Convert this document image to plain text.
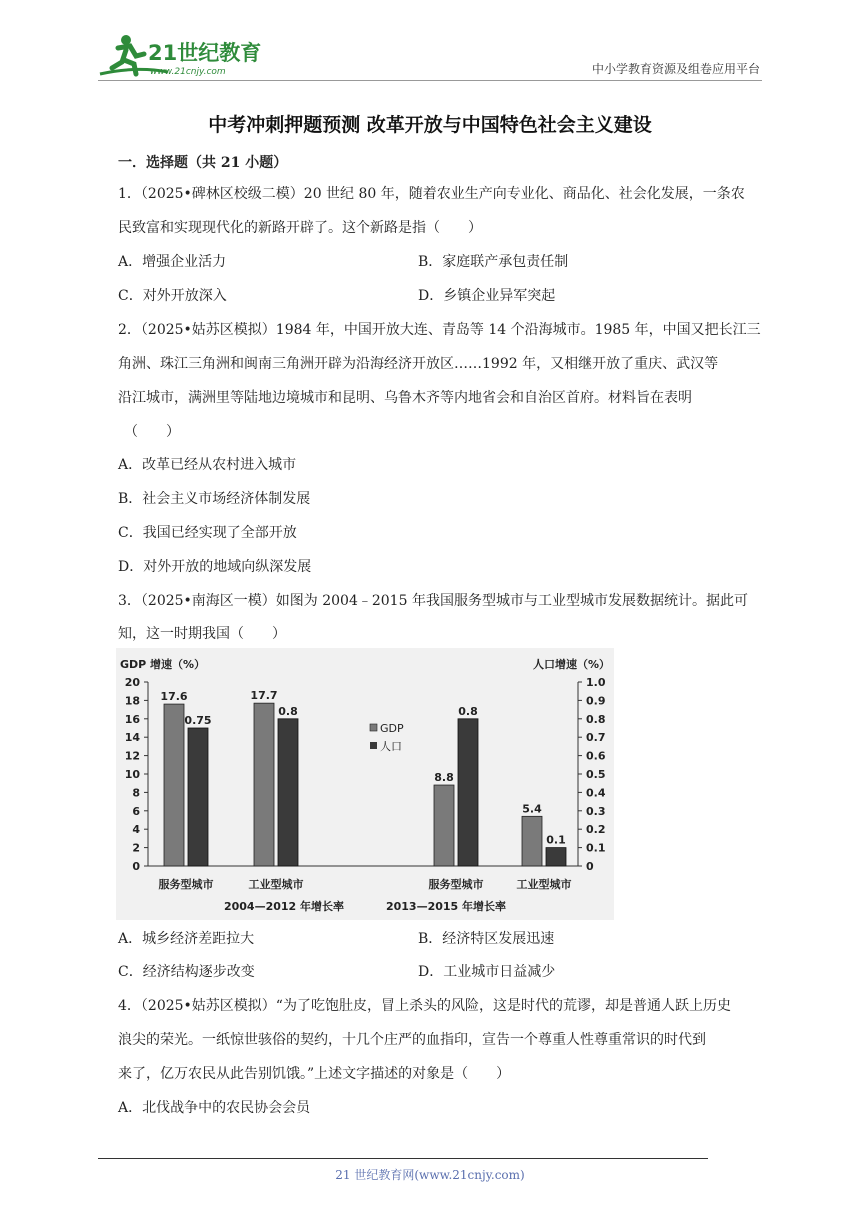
21世纪教育
www.21cnjy.com	中小学教育资源及组卷应用平台
中考冲刺押题预测 改革开放与中国特色社会主义建设
一．选择题（共 21 小题）
1．（2025•碑林区校级二模）20 世纪 80 年，随着农业生产向专业化、商品化、社会化发展，一条农
民致富和实现现代化的新路开辟了。这个新路是指（　　）
A．增强企业活力	B．家庭联产承包责任制
C．对外开放深入	D．乡镇企业异军突起
2．（2025•姑苏区模拟）1984 年，中国开放大连、青岛等 14 个沿海城市。1985 年，中国又把长江三
角洲、珠江三角洲和闽南三角洲开辟为沿海经济开放区……1992 年，又相继开放了重庆、武汉等
沿江城市，满洲里等陆地边境城市和昆明、乌鲁木齐等内地省会和自治区首府。材料旨在表明
（　　）
A．改革已经从农村进入城市
B．社会主义市场经济体制发展
C．我国已经实现了全部开放
D．对外开放的地域向纵深发展
3．（2025•南海区一模）如图为 2004﹣2015 年我国服务型城市与工业型城市发展数据统计。据此可
知，这一时期我国（　　）
GDP 增速（%）	人口增速（%）
0
2
4
6
8
10
12
14
16
18
20
0
0.1
0.2
0.3
0.4
0.5
0.6
0.7
0.8
0.9
1.0
17.6
0.75
服务型城市
17.7
0.8
工业型城市
8.8
0.8
服务型城市
5.4
0.1
工业型城市
2004—2012 年增长率	2013—2015 年增长率
GDP
人口
A．城乡经济差距拉大	B．经济特区发展迅速
C．经济结构逐步改变	D．工业城市日益减少
4．（2025•姑苏区模拟）“为了吃饱肚皮，冒上杀头的风险，这是时代的荒谬，却是普通人跃上历史
浪尖的荣光。一纸惊世骇俗的契约，十几个庄严的血指印，宣告一个尊重人性尊重常识的时代到
来了，亿万农民从此告别饥饿。”上述文字描述的对象是（　　）
A．北伐战争中的农民协会会员
21 世纪教育网(www.21cnjy.com)
